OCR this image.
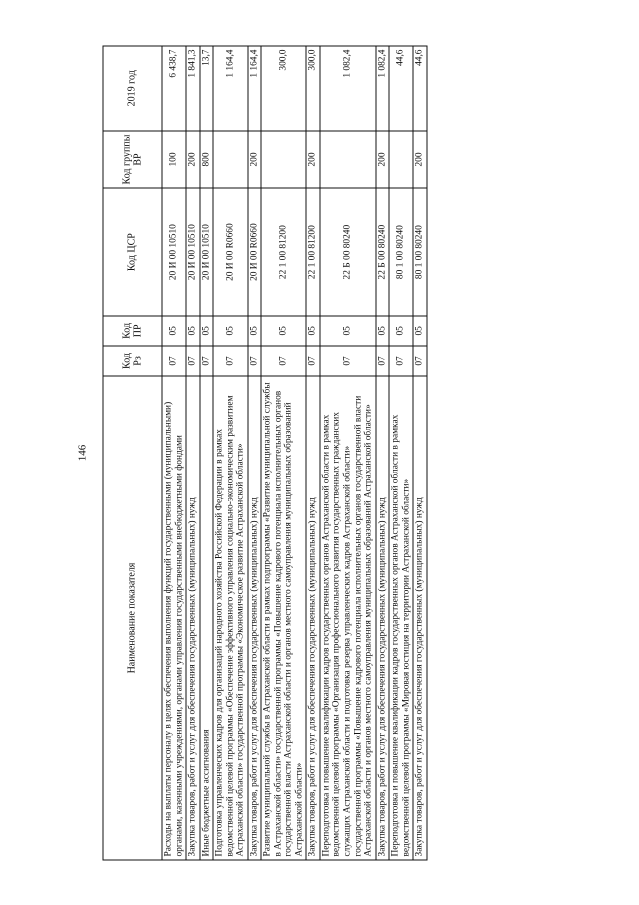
146
Наименование показателя	Код Рз	Код ПР	Код ЦСР	Код группы ВР	2019 год
Расходы на выплаты персоналу в целях обеспечения выполнения функций государственными (муниципальными) органами, казенными учреждениями, органами управления государственными внебюджетными фондами	07	05	20 И 00 10510	100	6 438,7
Закупка товаров, работ и услуг для обеспечения государственных (муниципальных) нужд	07	05	20 И 00 10510	200	1 841,3
Иные бюджетные ассигнования	07	05	20 И 00 10510	800	13,7
Подготовка управленческих кадров для организаций народного хозяйства Российской Федерации в рамках ведомственной целевой программы «Обеспечение эффективного управления социально-экономическим развитием Астраханской области» государственной программы «Экономическое развитие Астраханской области»	07	05	20 И 00 R0660		1 164,4
Закупка товаров, работ и услуг для обеспечения государственных (муниципальных) нужд	07	05	20 И 00 R0660	200	1 164,4
Развитие муниципальной службы в Астраханской области в рамках подпрограммы «Развитие муниципальной службы в Астраханской области» государственной программы «Повышение кадрового потенциала исполнительных органов государственной власти Астраханской области и органов местного самоуправления муниципальных образований Астраханской области»	07	05	22 1 00 81200		300,0
Закупка товаров, работ и услуг для обеспечения государственных (муниципальных) нужд	07	05	22 1 00 81200	200	300,0
Переподготовка и повышение квалификации кадров государственных органов Астраханской области в рамках ведомственной целевой программы «Организация профессионального развития государственных гражданских служащих Астраханской области и подготовка резерва управленческих кадров Астраханской области» государственной программы «Повышение кадрового потенциала исполнительных органов государственной власти Астраханской области и органов местного самоуправления муниципальных образований Астраханской области»	07	05	22 Б 00 80240		1 082,4
Закупка товаров, работ и услуг для обеспечения государственных (муниципальных) нужд	07	05	22 Б 00 80240	200	1 082,4
Переподготовка и повышение квалификации кадров государственных органов Астраханской области в рамках ведомственной целевой программы «Мировая юстиция на территории Астраханской области»	07	05	80 1 00 80240		44,6
Закупка товаров, работ и услуг для обеспечения государственных (муниципальных) нужд	07	05	80 1 00 80240	200	44,6
